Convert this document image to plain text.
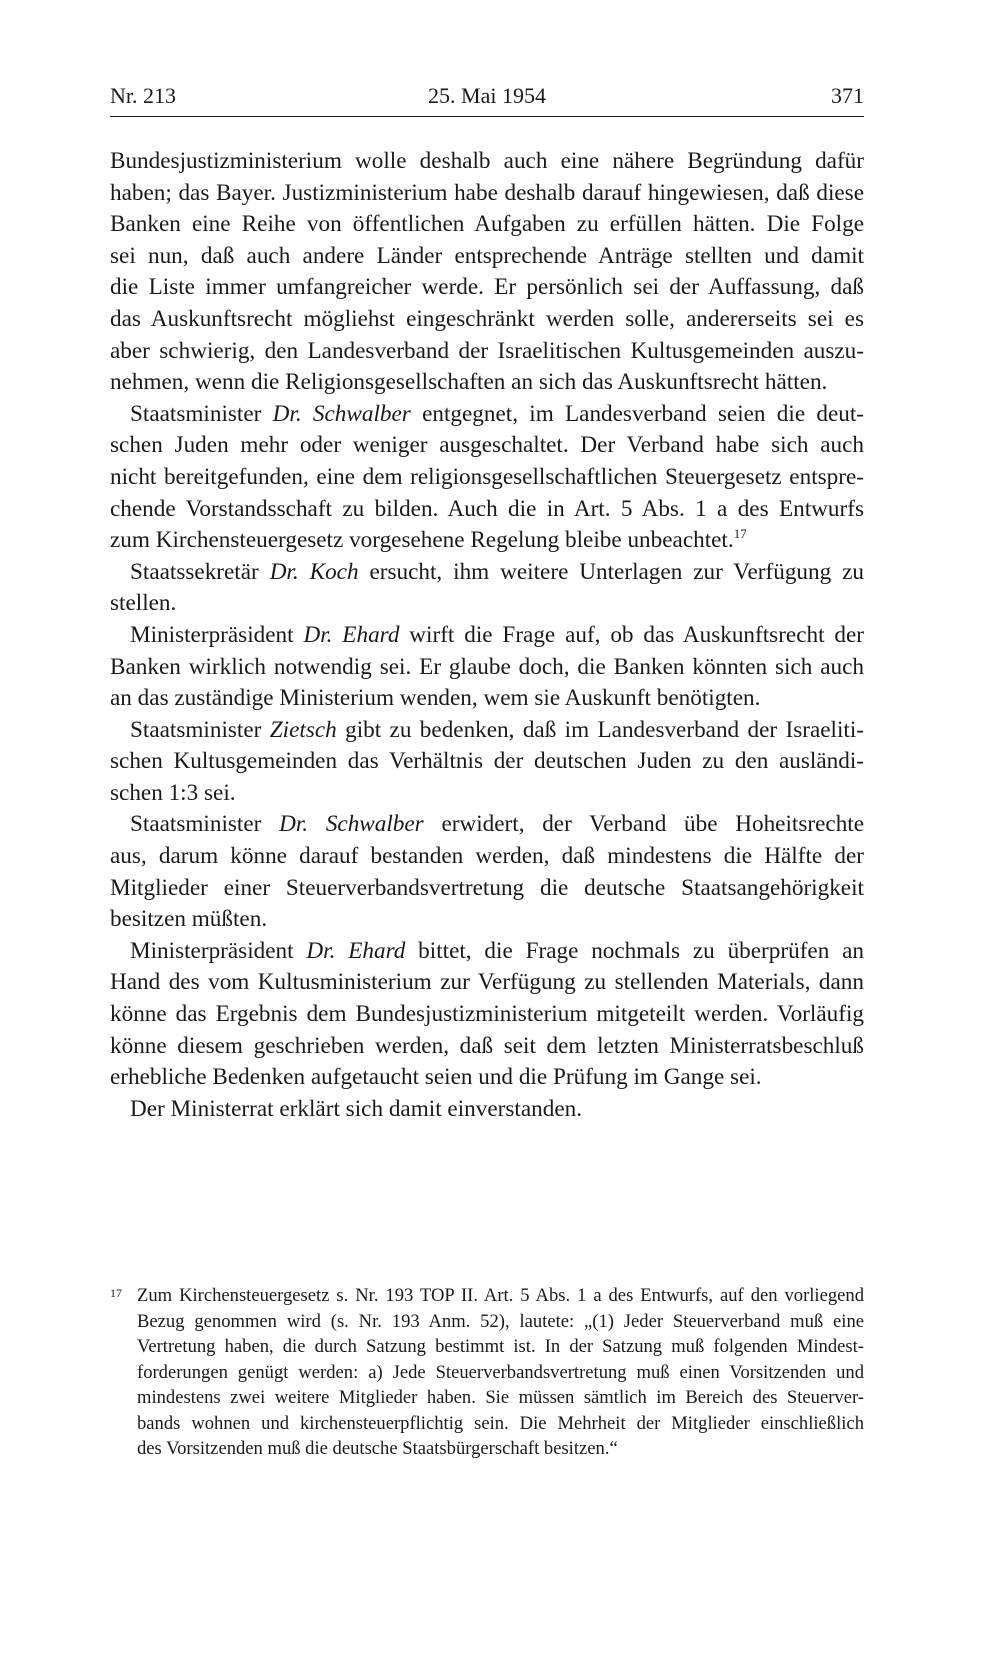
Nr. 213	25. Mai 1954	371
Bundesjustizministerium wolle deshalb auch eine nähere Begründung dafür
haben; das Bayer. Justizministerium habe deshalb darauf hingewiesen, daß diese
Banken eine Reihe von öffentlichen Aufgaben zu erfüllen hätten. Die Folge
sei nun, daß auch andere Länder entsprechende Anträge stellten und damit
die Liste immer umfangreicher werde. Er persönlich sei der Auffassung, daß
das Auskunftsrecht mögliehst eingeschränkt werden solle, andererseits sei es
aber schwierig, den Landesverband der Israelitischen Kultusgemeinden auszu-
nehmen, wenn die Religionsgesellschaften an sich das Auskunftsrecht hätten.
Staatsminister Dr. Schwalber entgegnet, im Landesverband seien die deut-
schen Juden mehr oder weniger ausgeschaltet. Der Verband habe sich auch
nicht bereitgefunden, eine dem religionsgesellschaftlichen Steuergesetz entspre-
chende Vorstandsschaft zu bilden. Auch die in Art. 5 Abs. 1 a des Entwurfs
zum Kirchensteuergesetz vorgesehene Regelung bleibe unbeachtet.$^{17}$
Staatssekretär Dr. Koch ersucht, ihm weitere Unterlagen zur Verfügung zu
stellen.
Ministerpräsident Dr. Ehard wirft die Frage auf, ob das Auskunftsrecht der
Banken wirklich notwendig sei. Er glaube doch, die Banken könnten sich auch
an das zuständige Ministerium wenden, wem sie Auskunft benötigten.
Staatsminister Zietsch gibt zu bedenken, daß im Landesverband der Israeliti-
schen Kultusgemeinden das Verhältnis der deutschen Juden zu den ausländi-
schen 1:3 sei.
Staatsminister Dr. Schwalber erwidert, der Verband übe Hoheitsrechte
aus, darum könne darauf bestanden werden, daß mindestens die Hälfte der
Mitglieder einer Steuerverbandsvertretung die deutsche Staatsangehörigkeit
besitzen müßten.
Ministerpräsident Dr. Ehard bittet, die Frage nochmals zu überprüfen an
Hand des vom Kultusministerium zur Verfügung zu stellenden Materials, dann
könne das Ergebnis dem Bundesjustizministerium mitgeteilt werden. Vorläufig
könne diesem geschrieben werden, daß seit dem letzten Ministerratsbeschluß
erhebliche Bedenken aufgetaucht seien und die Prüfung im Gange sei.
Der Ministerrat erklärt sich damit einverstanden.
17 Zum Kirchensteuergesetz s. Nr. 193 TOP II. Art. 5 Abs. 1 a des Entwurfs, auf den vorliegend
Bezug genommen wird (s. Nr. 193 Anm. 52), lautete: „(1) Jeder Steuerverband muß eine
Vertretung haben, die durch Satzung bestimmt ist. In der Satzung muß folgenden Mindest-
forderungen genügt werden: a) Jede Steuerverbandsvertretung muß einen Vorsitzenden und
mindestens zwei weitere Mitglieder haben. Sie müssen sämtlich im Bereich des Steuerver-
bands wohnen und kirchensteuerpflichtig sein. Die Mehrheit der Mitglieder einschließlich
des Vorsitzenden muß die deutsche Staatsbürgerschaft besitzen.“
